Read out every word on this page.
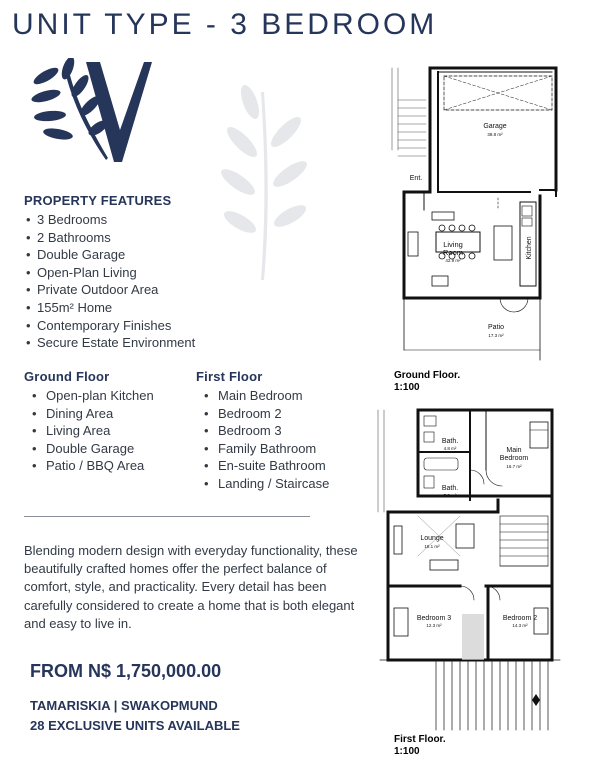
UNIT TYPE - 3 BEDROOM
PROPERTY FEATURES
• 3 Bedrooms
• 2 Bathrooms
• Double Garage
• Open-Plan Living
• Private Outdoor Area
• 155m² Home
• Contemporary Finishes
• Secure Estate Environment
Ground Floor
• Open-plan Kitchen
• Dining Area
• Living Area
• Double Garage
• Patio / BBQ Area
First Floor
• Main Bedroom
• Bedroom 2
• Bedroom 3
• Family Bathroom
• En-suite Bathroom
• Landing / Staircase

Blending modern design with everyday functionality, these beautifully crafted homes offer the perfect balance of comfort, style, and practicality. Every detail has been carefully considered to create a home that is both elegant and easy to live in.

FROM N$ 1,750,000.00
TAMARISKIA | SWAKOPMUND
28 EXCLUSIVE UNITS AVAILABLE
Garage
38.8 m²
Ent.
Living
Room
42.9 m²
Kitchen
Patio
17.3 m²
Bath.
4.8 m²
Bath.
5.9 m²
Main
Bedroom
16.7 m²
Lounge
18.1 m²
Bedroom 3
12.3 m²
Bedroom 2
14.3 m²
Ground Floor.
1:100
First Floor.
1:100
